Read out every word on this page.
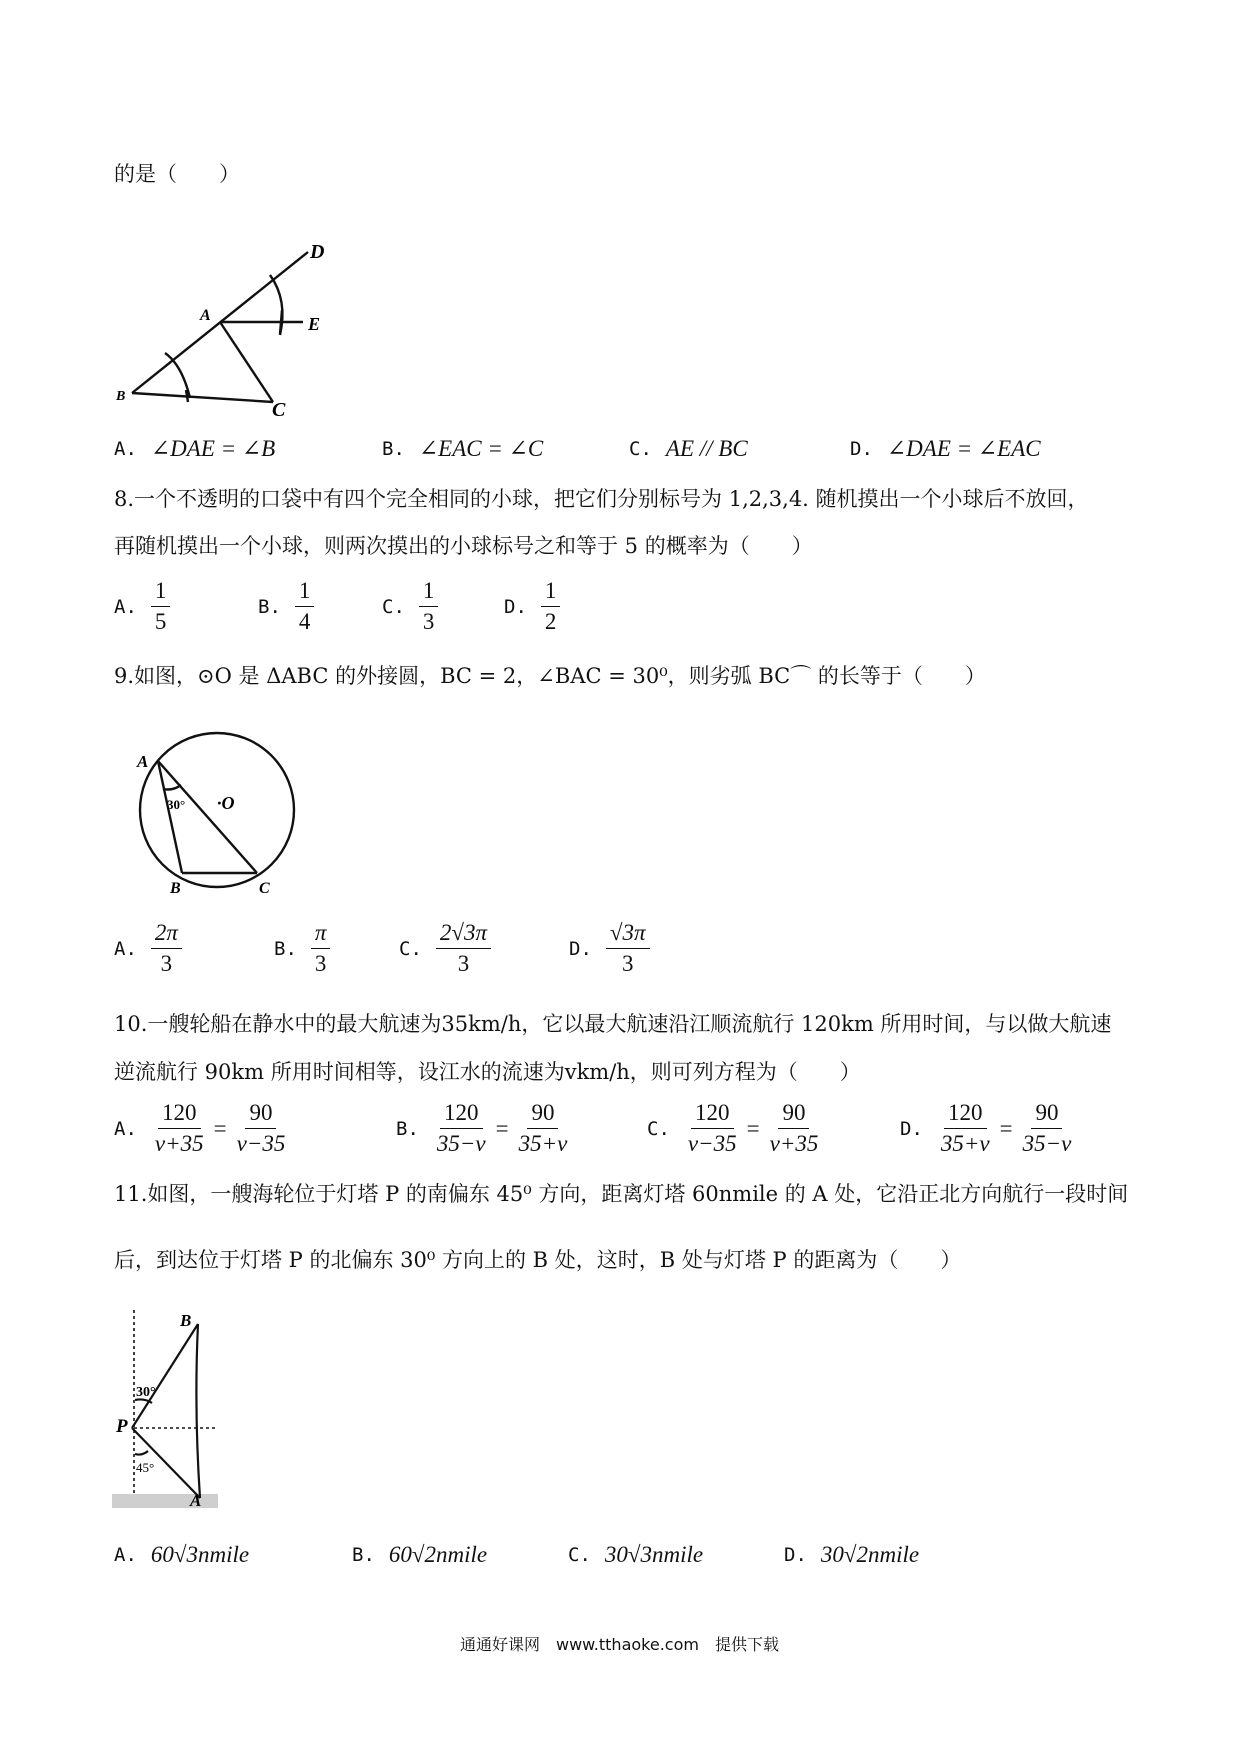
的是（　　）
D
A	E
B
C
A. ∠DAE = ∠B	B. ∠EAC = ∠C	C. AE // BC	D. ∠DAE = ∠EAC
8.一个不透明的口袋中有四个完全相同的小球，把它们分别标号为 1,2,3,4. 随机摸出一个小球后不放回，
再随机摸出一个小球，则两次摸出的小球标号之和等于 5 的概率为（　　）
A. $\frac{1}{5}$	B. $\frac{1}{4}$	C. $\frac{1}{3}$	D. $\frac{1}{2}$
9.如图，⊙O 是 ΔABC 的外接圆，BC = 2，∠BAC = 30⁰，则劣弧 BC⌒ 的长等于（　　）
A
·O
30°
B	C
A. $\frac{2\pi}{3}$	B. $\frac{\pi}{3}$	C. $\frac{2√3\pi}{3}$	D. $\frac{√3\pi}{3}$
10.一艘轮船在静水中的最大航速为35km/h，它以最大航速沿江顺流航行 120km 所用时间，与以做大航速
逆流航行 90km 所用时间相等，设江水的流速为vkm/h，则可列方程为（　　）
A. $\frac{120}{v+35} = \frac{90}{v-35}$	B. $\frac{120}{35-v} = \frac{90}{35+v}$	C. $\frac{120}{v-35} = \frac{90}{v+35}$	D. $\frac{120}{35+v} = \frac{90}{35-v}$
11.如图，一艘海轮位于灯塔 P 的南偏东 45⁰ 方向，距离灯塔 60nmile 的 A 处，它沿正北方向航行一段时间
后，到达位于灯塔 P 的北偏东 30⁰ 方向上的 B 处，这时，B 处与灯塔 P 的距离为（　　）
B
30°
P
45°
A
A. 60√3nmile	B. 60√2nmile	C. 30√3nmile	D. 30√2nmile
通通好课网　www.tthaoke.com　提供下载
